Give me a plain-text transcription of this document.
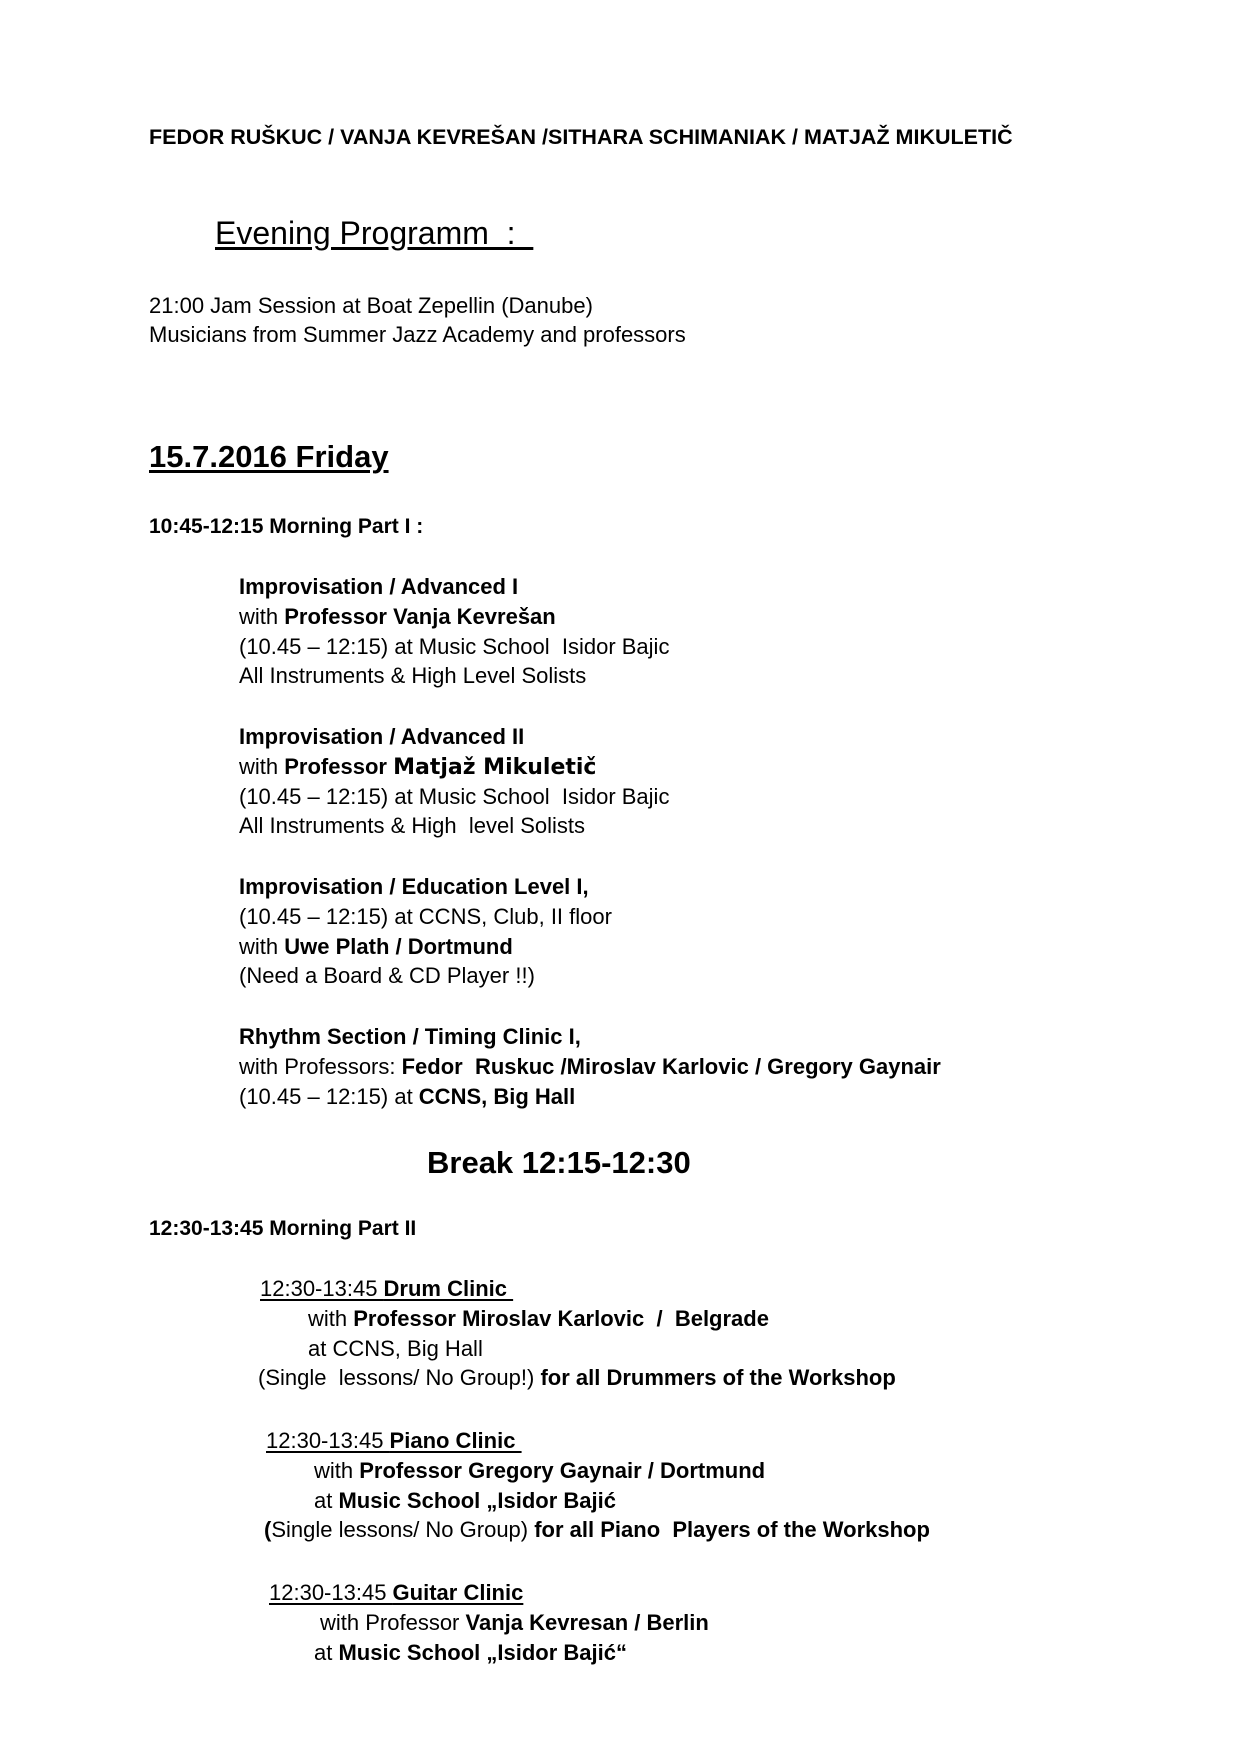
FEDOR RUŠKUC / VANJA KEVREŠAN /SITHARA SCHIMANIAK / MATJAŽ MIKULETIČ
Evening Programm  :
21:00 Jam Session at Boat Zepellin (Danube)
Musicians from Summer Jazz Academy and professors
15.7.2016 Friday
10:45-12:15 Morning Part I :
Improvisation / Advanced I
with Professor Vanja Kevrešan
(10.45 – 12:15) at Music School  Isidor Bajic
All Instruments & High Level Solists
Improvisation / Advanced II
with Professor Matjaž Mikuletič
(10.45 – 12:15) at Music School  Isidor Bajic
All Instruments & High  level Solists
Improvisation / Education Level I,
(10.45 – 12:15) at CCNS, Club, II floor
with Uwe Plath / Dortmund
(Need a Board & CD Player !!)
Rhythm Section / Timing Clinic I,
with Professors: Fedor  Ruskuc /Miroslav Karlovic / Gregory Gaynair
(10.45 – 12:15) at CCNS, Big Hall
Break 12:15-12:30
12:30-13:45 Morning Part II
12:30-13:45 Drum Clinic
with Professor Miroslav Karlovic  /  Belgrade
at CCNS, Big Hall
(Single  lessons/ No Group!) for all Drummers of the Workshop
12:30-13:45 Piano Clinic
with Professor Gregory Gaynair / Dortmund
at Music School „Isidor Bajić
(Single lessons/ No Group) for all Piano  Players of the Workshop
12:30-13:45 Guitar Clinic
with Professor Vanja Kevresan / Berlin
at Music School „Isidor Bajić“
